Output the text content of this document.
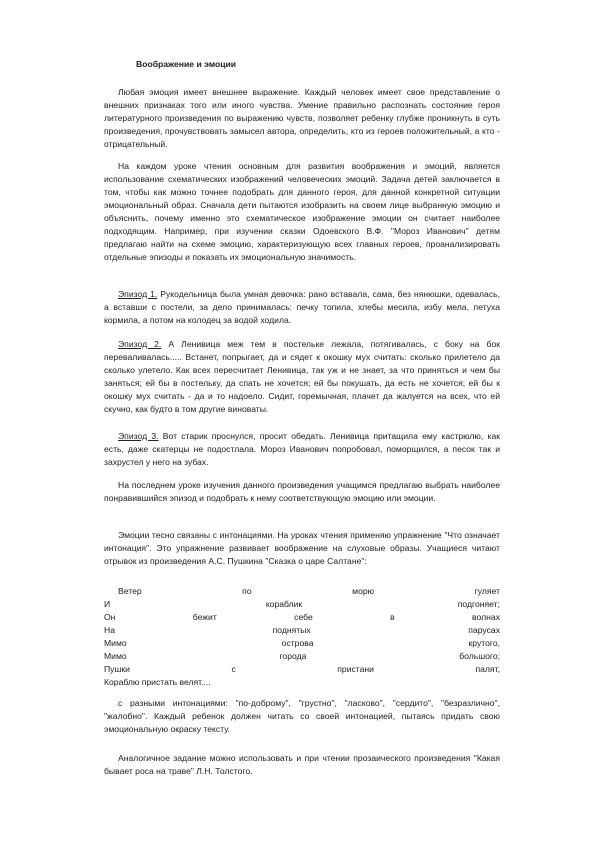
Воображение и эмоции

Любая эмоция имеет внешнее выражение. Каждый человек имеет свое представление о внешних признаках того или иного чувства. Умение правильно распознать состояние героя литературного произведения по выражению чувств, позволяет ребенку глубже проникнуть в суть произведения, прочувствовать замысел автора, определить, кто из героев положительный, а кто - отрицательный.

На каждом уроке чтения основным для развития воображения и эмоций, является использование схематических изображений человеческих эмоций. Задача детей заключается в том, чтобы как можно точнее подобрать для данного героя, для данной конкретной ситуации эмоциональный образ. Сначала дети пытаются изобразить на своем лице выбранную эмоцию и объяснить, почему именно это схематическое изображение эмоции он считает наиболее подходящим. Например, при изучении сказки Одоевского В.Ф. "Мороз Иванович" детям предлагаю найти на схеме эмоцию, характеризующую всех главных героев, проанализировать отдельные эпизоды и показать их эмоциональную значимость.

Эпизод 1. Рукодельница была умная девочка: рано вставала, сама, без нянюшки, одевалась, а вставши с постели, за дело принималась: печку топила, хлебы месила, избу мела, петуха кормила, а потом на колодец за водой ходила.

Эпизод 2. А Ленивица меж тем в постельке лежала, потягивалась, с боку на бок переваливалась..... Встанет, попрыгает, да и сядет к окошку мух считать: сколько прилетело да сколько улетело. Как всех пересчитает Ленивица, так уж и не знает, за что приняться и чем бы заняться; ей бы в постельку, да спать не хочется; ей бы покушать, да есть не хочется; ей бы к окошку мух считать - да и то надоело. Сидит, горемычная, плачет да жалуется на всех, что ей скучно, как будто в том другие виноваты.

Эпизод 3. Вот старик проснулся, просит обедать. Ленивица притащила ему кастрюлю, как есть, даже скатерцы не подостлала. Мороз Иванович попробовал, поморщился, а песок так и захрустел у него на зубах.

На последнем уроке изучения данного произведения учащимся предлагаю выбрать наиболее понравившийся эпизод и подобрать к нему соответствующую эмоцию или эмоции.

Эмоции тесно связаны с интонациями. На уроках чтения применяю упражнение "Что означает интонация". Это упражнение развивает воображение на слуховые образы. Учащиеся читают отрывок из произведения А.С. Пушкина "Сказка о царе Салтане":

Ветер	по	морю	гуляет
И	кораблик	подгоняет;
Он	бежит	себе	в	волнах
На	поднятых	парусах
Мимо	острова	крутого,
Мимо	города	большого;
Пушки	с	пристани	палят,
Кораблю пристать велят....

с разными интонациями: "по-доброму", "грустно", "ласково", "сердито", "безразлично", "жалобно". Каждый ребенок должен читать со своей интонацией, пытаясь придать свою эмоциональную окраску тексту.

Аналогичное задание можно использовать и при чтении прозаического произведения "Какая бывает роса на траве" Л.Н. Толстого.
